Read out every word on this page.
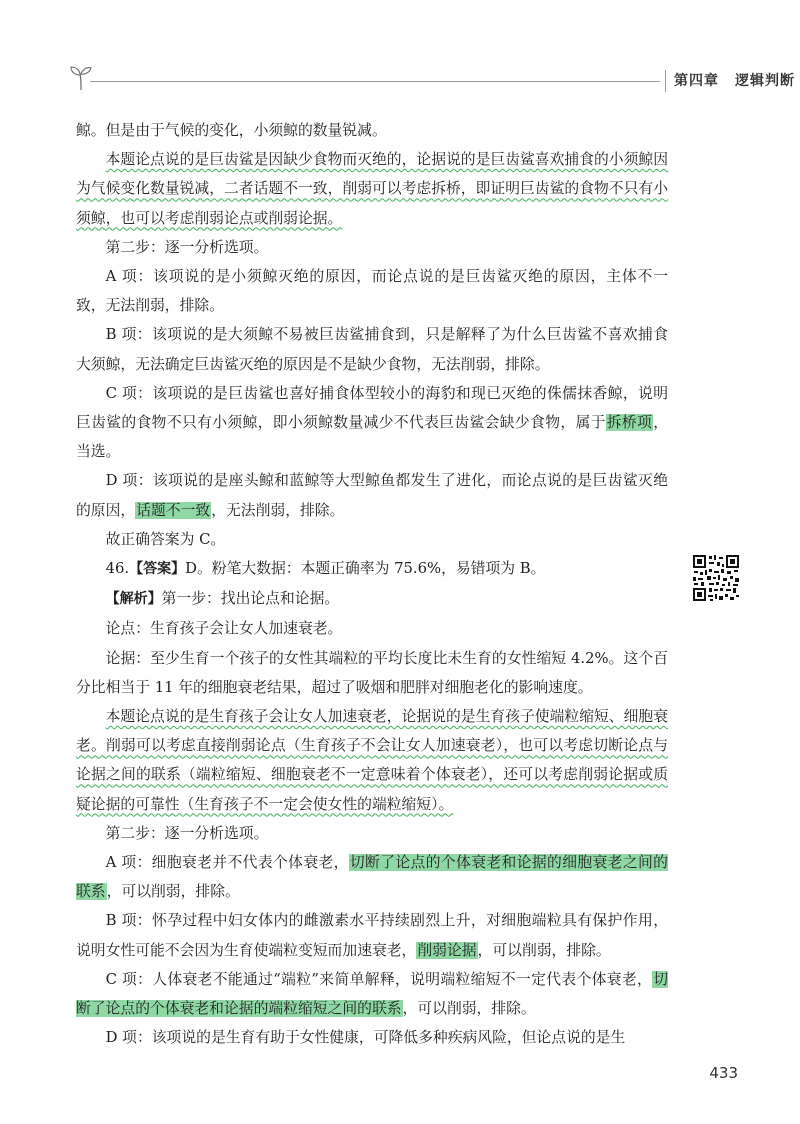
第四章 逻辑判断

鲸。但是由于气候的变化，小须鲸的数量锐减。

本题论点说的是巨齿鲨是因缺少食物而灭绝的，论据说的是巨齿鲨喜欢捕食的小须鲸因为气候变化数量锐减，二者话题不一致，削弱可以考虑拆桥，即证明巨齿鲨的食物不只有小须鲸，也可以考虑削弱论点或削弱论据。

第二步：逐一分析选项。

A 项：该项说的是小须鲸灭绝的原因，而论点说的是巨齿鲨灭绝的原因，主体不一致，无法削弱，排除。

B 项：该项说的是大须鲸不易被巨齿鲨捕食到，只是解释了为什么巨齿鲨不喜欢捕食大须鲸，无法确定巨齿鲨灭绝的原因是不是缺少食物，无法削弱，排除。

C 项：该项说的是巨齿鲨也喜好捕食体型较小的海豹和现已灭绝的侏儒抹香鲸，说明巨齿鲨的食物不只有小须鲸，即小须鲸数量减少不代表巨齿鲨会缺少食物，属于拆桥项，当选。

D 项：该项说的是座头鲸和蓝鲸等大型鲸鱼都发生了进化，而论点说的是巨齿鲨灭绝的原因，话题不一致，无法削弱，排除。

故正确答案为 C。

46.【答案】D。粉笔大数据：本题正确率为 75.6%，易错项为 B。

【解析】第一步：找出论点和论据。

论点：生育孩子会让女人加速衰老。

论据：至少生育一个孩子的女性其端粒的平均长度比未生育的女性缩短 4.2%。这个百分比相当于 11 年的细胞衰老结果，超过了吸烟和肥胖对细胞老化的影响速度。

本题论点说的是生育孩子会让女人加速衰老，论据说的是生育孩子使端粒缩短、细胞衰老。削弱可以考虑直接削弱论点（生育孩子不会让女人加速衰老），也可以考虑切断论点与论据之间的联系（端粒缩短、细胞衰老不一定意味着个体衰老），还可以考虑削弱论据或质疑论据的可靠性（生育孩子不一定会使女性的端粒缩短）。

第二步：逐一分析选项。

A 项：细胞衰老并不代表个体衰老，切断了论点的个体衰老和论据的细胞衰老之间的联系，可以削弱，排除。

B 项：怀孕过程中妇女体内的雌激素水平持续剧烈上升，对细胞端粒具有保护作用，说明女性可能不会因为生育使端粒变短而加速衰老，削弱论据，可以削弱，排除。

C 项：人体衰老不能通过“端粒”来简单解释，说明端粒缩短不一定代表个体衰老，切断了论点的个体衰老和论据的端粒缩短之间的联系，可以削弱，排除。

D 项：该项说的是生育有助于女性健康，可降低多种疾病风险，但论点说的是生

433
